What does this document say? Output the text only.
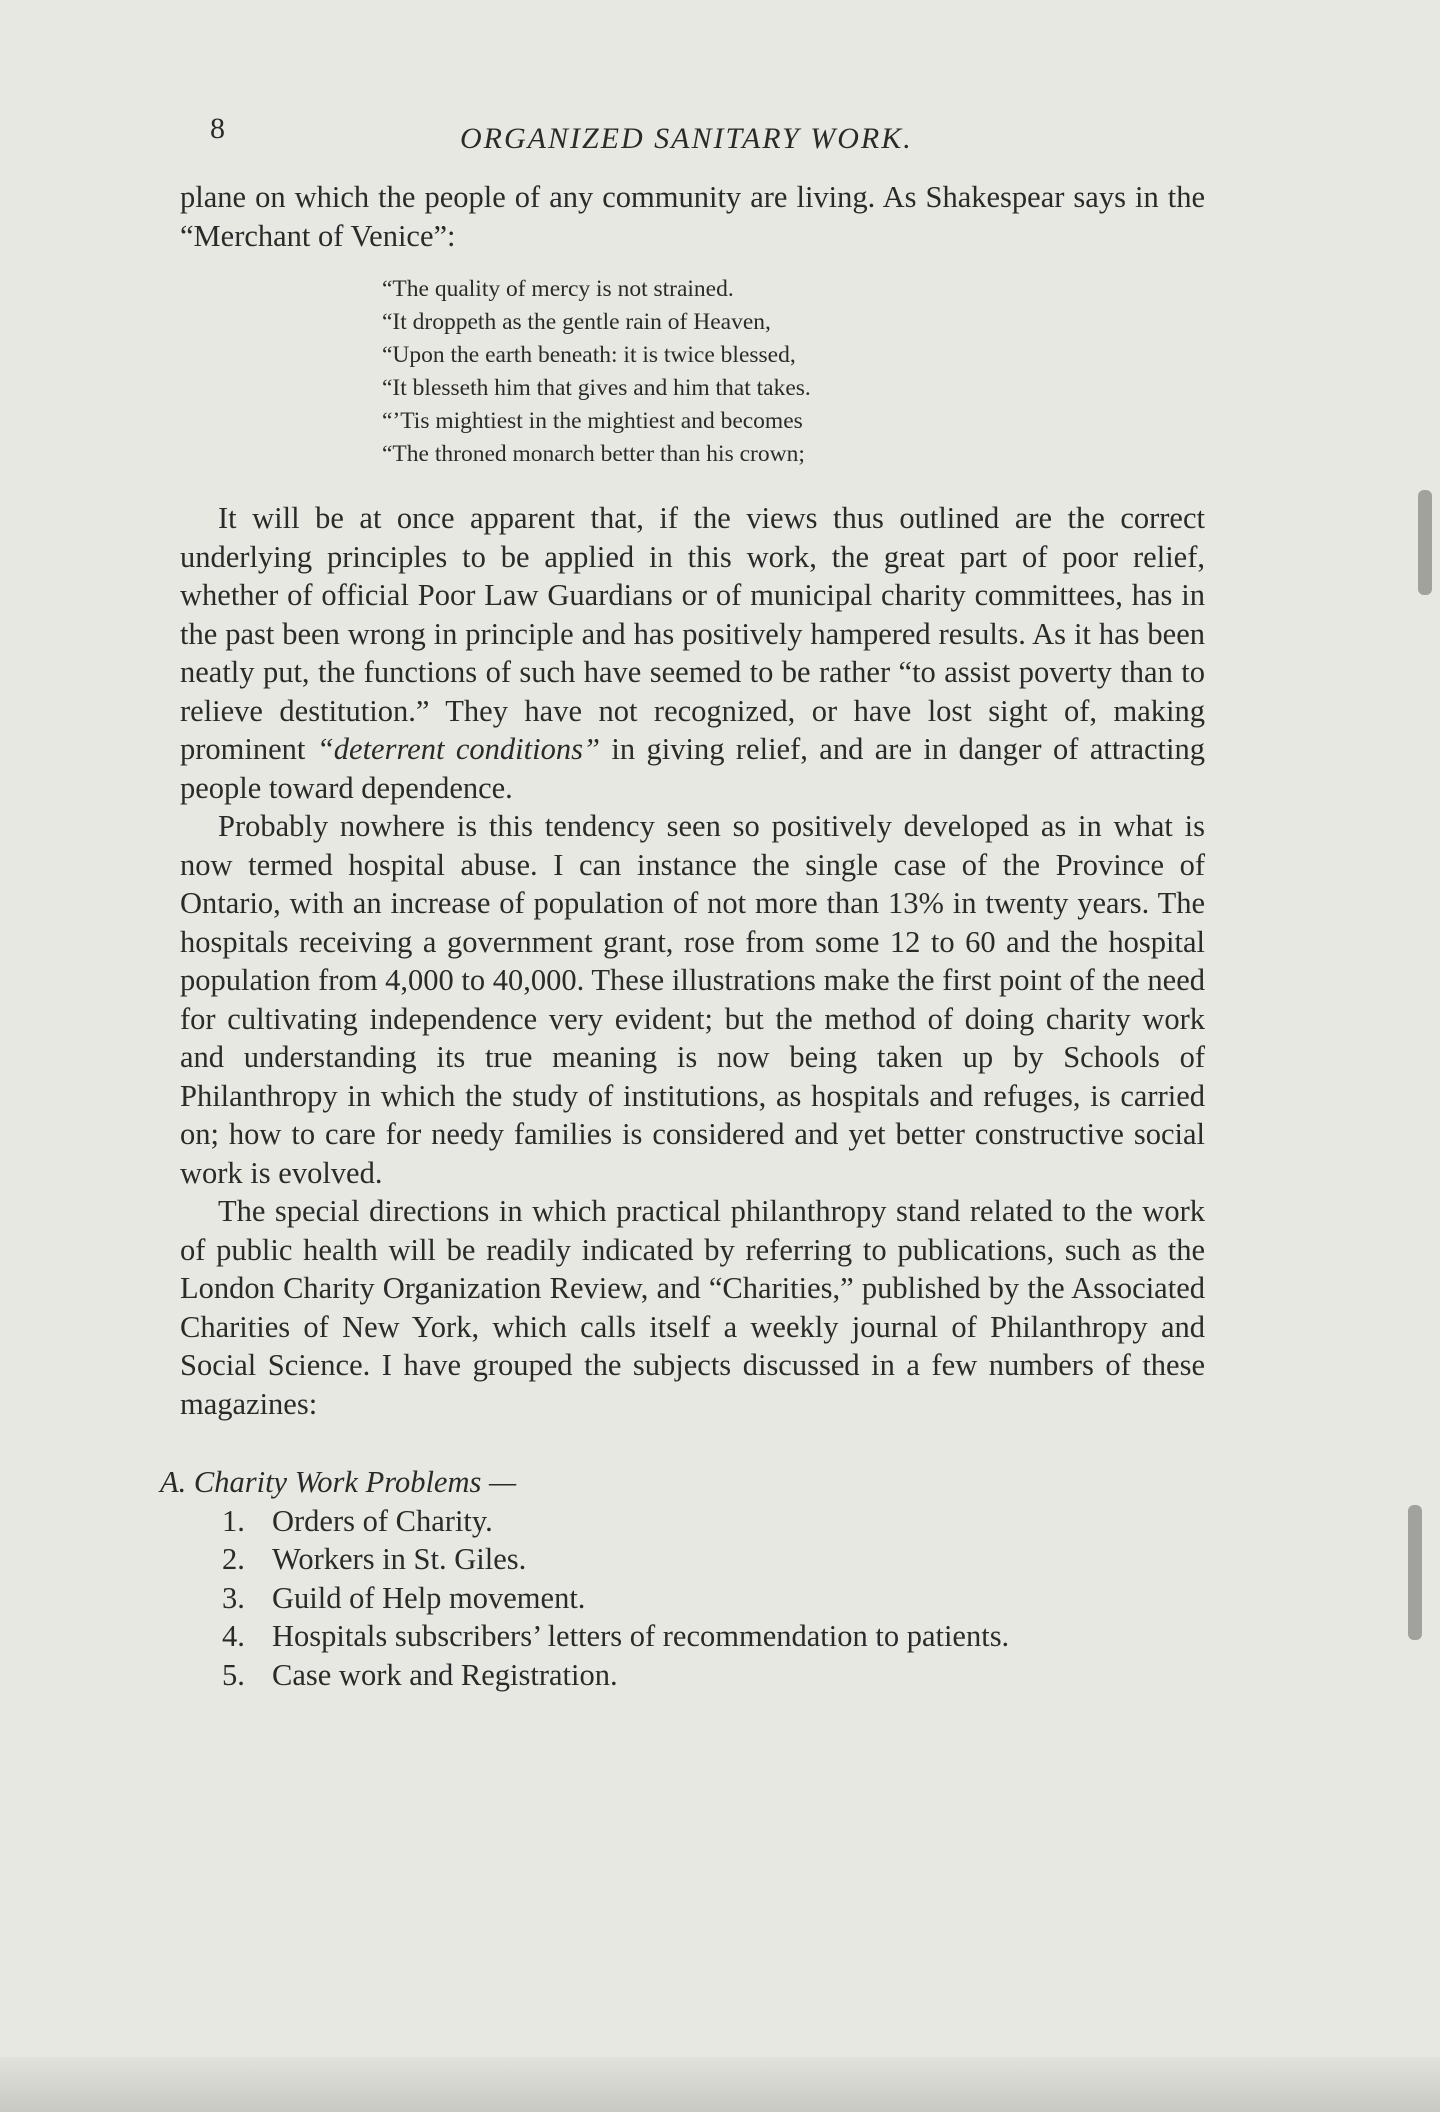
8	ORGANIZED SANITARY WORK.

plane on which the people of any community are living. As Shakespear says in the “Merchant of Venice”:

“The quality of mercy is not strained.
“It droppeth as the gentle rain of Heaven,
“Upon the earth beneath: it is twice blessed,
“It blesseth him that gives and him that takes.
“’Tis mightiest in the mightiest and becomes
“The throned monarch better than his crown;

It will be at once apparent that, if the views thus outlined are the correct underlying principles to be applied in this work, the great part of poor relief, whether of official Poor Law Guardians or of municipal charity committees, has in the past been wrong in principle and has positively hampered results. As it has been neatly put, the functions of such have seemed to be rather “to assist poverty than to relieve destitution.” They have not recognized, or have lost sight of, making prominent “deterrent conditions” in giving relief, and are in danger of attracting people toward dependence.

Probably nowhere is this tendency seen so positively developed as in what is now termed hospital abuse. I can instance the single case of the Province of Ontario, with an increase of population of not more than 13% in twenty years. The hospitals receiving a government grant, rose from some 12 to 60 and the hospital population from 4,000 to 40,000. These illustrations make the first point of the need for cultivating independence very evident; but the method of doing charity work and understanding its true meaning is now being taken up by Schools of Philanthropy in which the study of institutions, as hospitals and refuges, is carried on; how to care for needy families is considered and yet better constructive social work is evolved.

The special directions in which practical philanthropy stand related to the work of public health will be readily indicated by referring to publications, such as the London Charity Organization Review, and “Charities,” published by the Associated Charities of New York, which calls itself a weekly journal of Philanthropy and Social Science. I have grouped the subjects discussed in a few numbers of these magazines:

A. Charity Work Problems —
1. Orders of Charity.
2. Workers in St. Giles.
3. Guild of Help movement.
4. Hospitals subscribers’ letters of recommendation to patients.
5. Case work and Registration.
